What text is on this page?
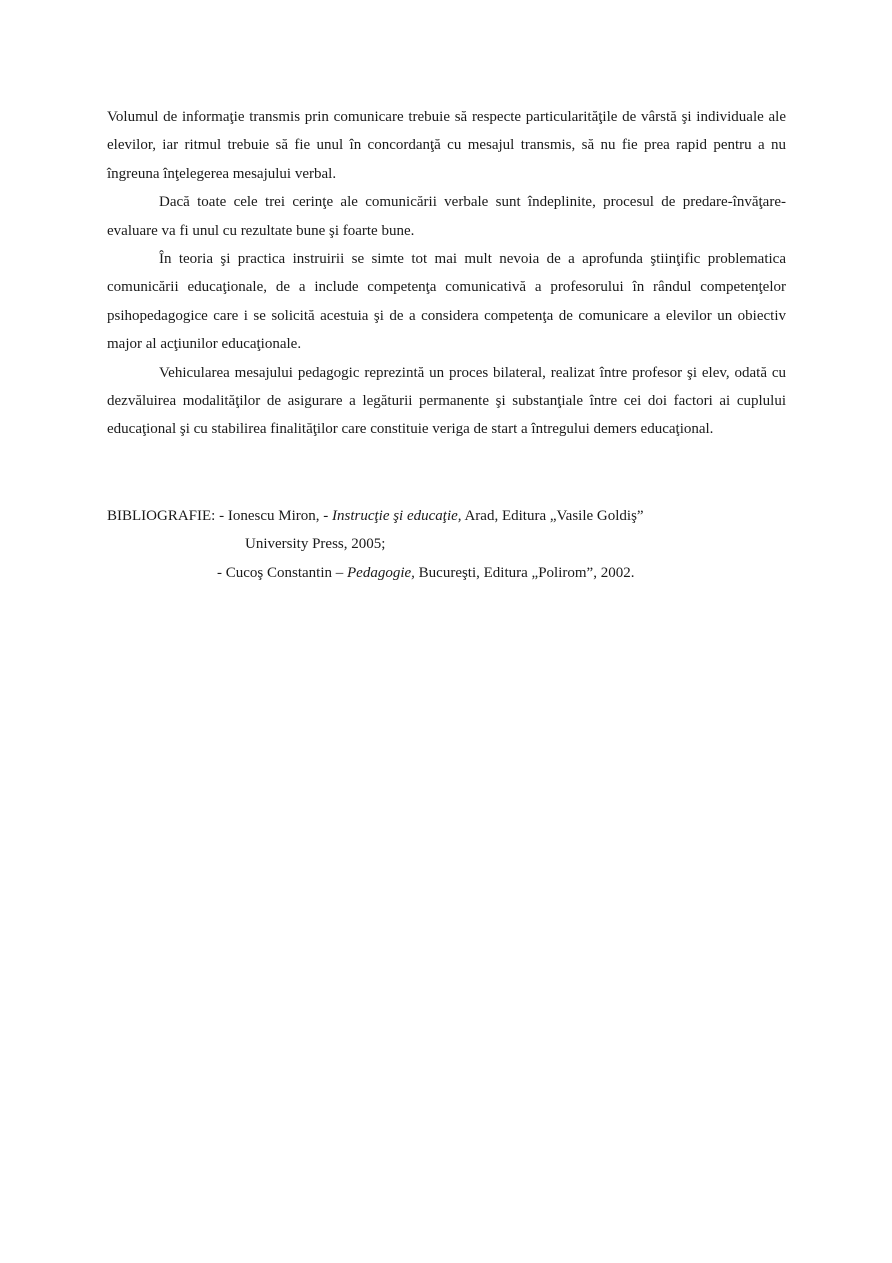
Volumul de informaţie transmis prin comunicare trebuie să respecte particularităţile de vârstă şi individuale ale elevilor, iar ritmul trebuie să fie unul în concordanţă cu mesajul transmis, să nu fie prea rapid pentru a nu îngreuna înţelegerea mesajului verbal.

Dacă toate cele trei cerinţe ale comunicării verbale sunt îndeplinite, procesul de predare-învăţare-evaluare va fi unul cu rezultate bune şi foarte bune.

În teoria şi practica instruirii se simte tot mai mult nevoia de a aprofunda ştiinţific problematica comunicării educaţionale, de a include competenţa comunicativă a profesorului în rândul competenţelor psihopedagogice care i se solicită acestuia şi de a considera competenţa de comunicare a elevilor un obiectiv major al acţiunilor educaţionale.

Vehicularea mesajului pedagogic reprezintă un proces bilateral, realizat între profesor şi elev, odată cu dezvăluirea modalităţilor de asigurare a legăturii permanente şi substanţiale între cei doi factori ai cuplului educaţional şi cu stabilirea finalităţilor care constituie veriga de start a întregului demers educaţional.

BIBLIOGRAFIE: - Ionescu Miron, - Instrucţie şi educaţie, Arad, Editura „Vasile Goldiş”
University Press, 2005;
- Cucoş Constantin – Pedagogie, Bucureşti, Editura „Polirom”, 2002.
